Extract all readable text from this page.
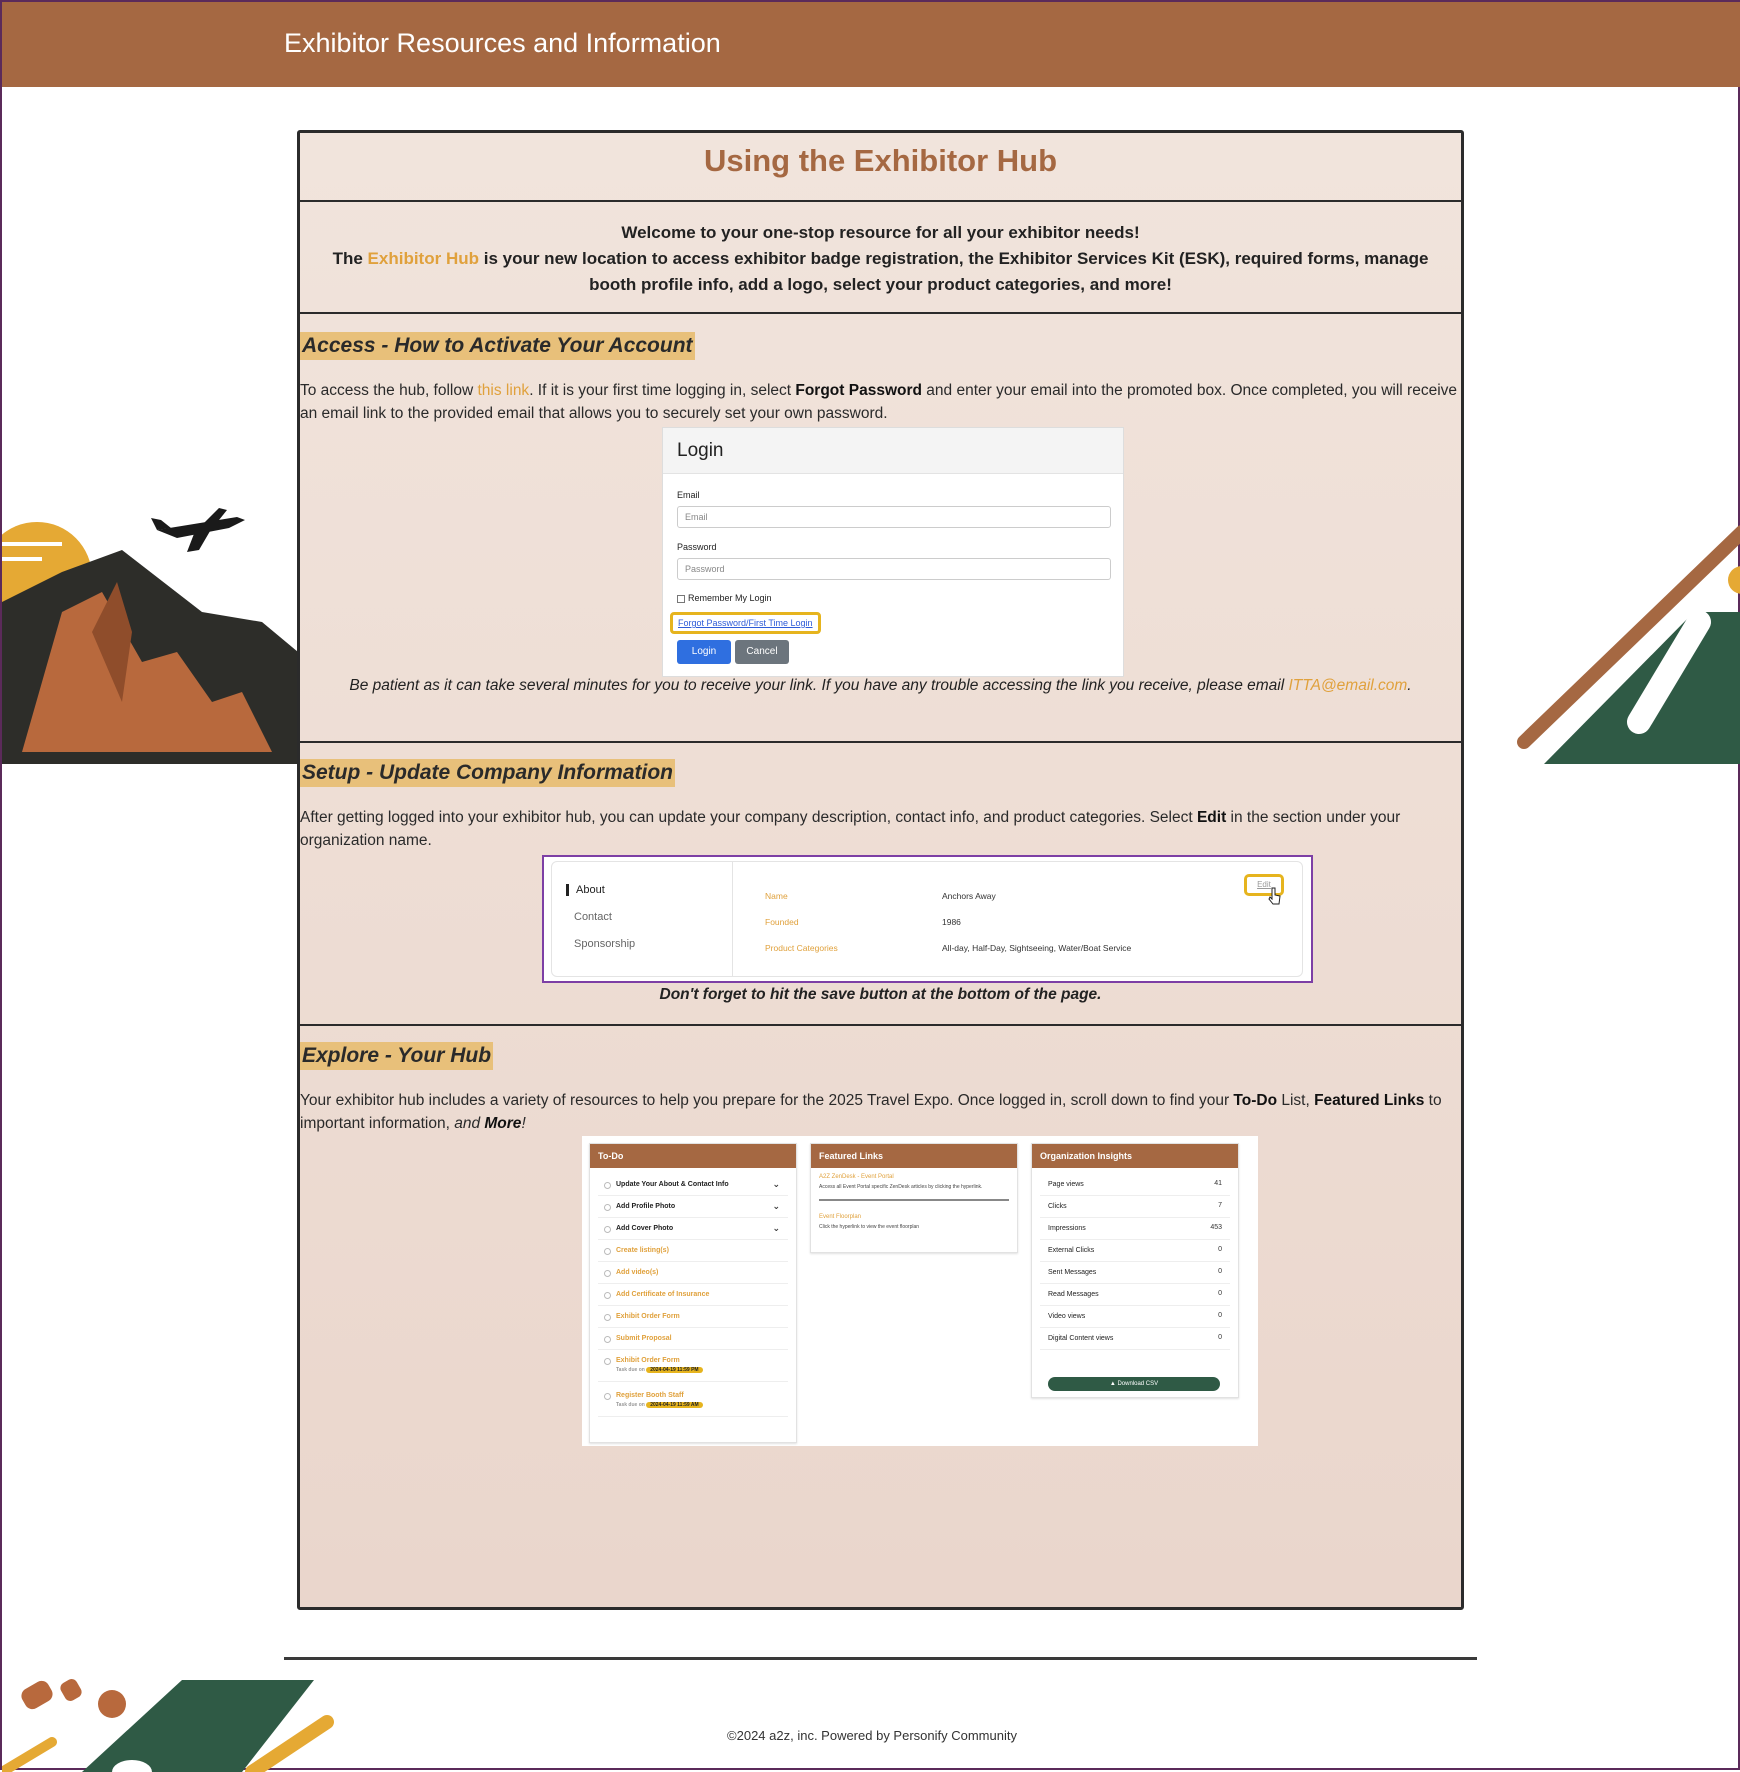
Exhibitor Resources and Information
Using the Exhibitor Hub
Welcome to your one-stop resource for all your exhibitor needs!
The Exhibitor Hub is your new location to access exhibitor badge registration, the Exhibitor Services Kit (ESK), required forms, manage booth profile info, add a logo, select your product categories, and more!
Access - How to Activate Your Account
To access the hub, follow this link. If it is your first time logging in, select Forgot Password and enter your email into the promoted box. Once completed, you will receive an email link to the provided email that allows you to securely set your own password.
Login
Email
Email
Password
Password
Remember My Login
Forgot Password/First Time Login
Login	Cancel
Be patient as it can take several minutes for you to receive your link. If you have any trouble accessing the link you receive, please email ITTA@email.com.
Setup - Update Company Information
After getting logged into your exhibitor hub, you can update your company description, contact info, and product categories. Select Edit in the section under your organization name.
About
Contact
Sponsorship
Name	Anchors Away
Founded	1986
Product Categories	All-day, Half-Day, Sightseeing, Water/Boat Service
Edit
Don't forget to hit the save button at the bottom of the page.
Explore - Your Hub
Your exhibitor hub includes a variety of resources to help you prepare for the 2025 Travel Expo. Once logged in, scroll down to find your To-Do List, Featured Links to important information, and More!
To-Do
Update Your About & Contact Info	⌄
Add Profile Photo	⌄
Add Cover Photo	⌄
Create listing(s)
Add video(s)
Add Certificate of Insurance
Exhibit Order Form
Submit Proposal
Exhibit Order Form
Task due on 2024-04-19 11:59 PM
Register Booth Staff
Task due on 2024-04-19 11:59 AM
Featured Links
A2Z ZenDesk - Event Portal
Access all Event Portal specific ZenDesk articles by clicking the hyperlink.
Event Floorplan
Click the hyperlink to view the event floorplan
Organization Insights
Page views	41
Clicks	7
Impressions	453
External Clicks	0
Sent Messages	0
Read Messages	0
Video views	0
Digital Content views	0
▲ Download CSV
©2024 a2z, inc. Powered by Personify Community
